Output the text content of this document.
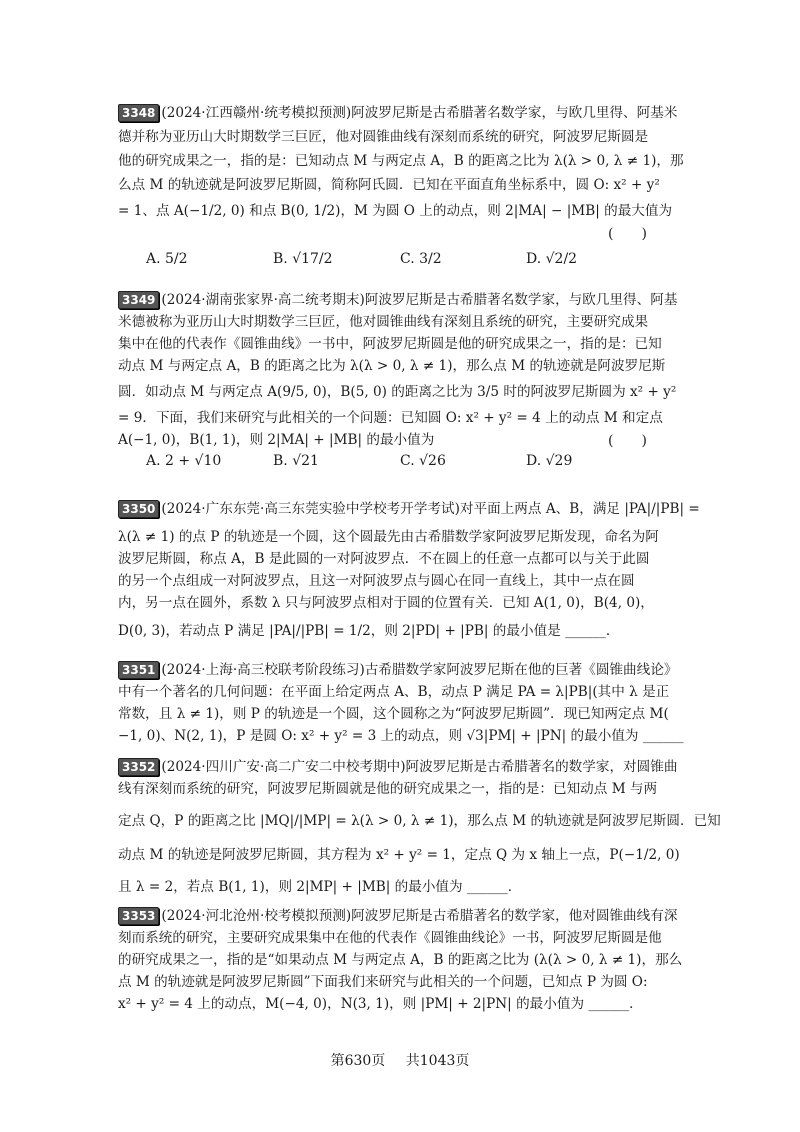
3348 (2024·江西赣州·统考模拟预测)阿波罗尼斯是古希腊著名数学家，与欧几里得、阿基米
德并称为亚历山大时期数学三巨匠，他对圆锥曲线有深刻而系统的研究，阿波罗尼斯圆是
他的研究成果之一，指的是：已知动点 M 与两定点 A，B 的距离之比为 λ(λ > 0, λ ≠ 1)，那
么点 M 的轨迹就是阿波罗尼斯圆，简称阿氏圆．已知在平面直角坐标系中，圆 O: x² + y²
= 1、点 A(−1/2, 0) 和点 B(0, 1/2)，M 为圆 O 上的动点，则 2|MA| − |MB| 的最大值为
(　　)
A. 5/2	B. √17/2	C. 3/2	D. √2/2
3349 (2024·湖南张家界·高二统考期末)阿波罗尼斯是古希腊著名数学家，与欧几里得、阿基
米德被称为亚历山大时期数学三巨匠，他对圆锥曲线有深刻且系统的研究，主要研究成果
集中在他的代表作《圆锥曲线》一书中，阿波罗尼斯圆是他的研究成果之一，指的是：已知
动点 M 与两定点 A，B 的距离之比为 λ(λ > 0, λ ≠ 1)，那么点 M 的轨迹就是阿波罗尼斯
圆．如动点 M 与两定点 A(9/5, 0)，B(5, 0) 的距离之比为 3/5 时的阿波罗尼斯圆为 x² + y²
= 9．下面，我们来研究与此相关的一个问题：已知圆 O: x² + y² = 4 上的动点 M 和定点
A(−1, 0)，B(1, 1)，则 2|MA| + |MB| 的最小值为	(　　)
A. 2 + √10	B. √21	C. √26	D. √29
3350 (2024·广东东莞·高三东莞实验中学校考开学考试)对平面上两点 A、B，满足 |PA|/|PB| =
λ(λ ≠ 1) 的点 P 的轨迹是一个圆，这个圆最先由古希腊数学家阿波罗尼斯发现，命名为阿
波罗尼斯圆，称点 A，B 是此圆的一对阿波罗点．不在圆上的任意一点都可以与关于此圆
的另一个点组成一对阿波罗点，且这一对阿波罗点与圆心在同一直线上，其中一点在圆
内，另一点在圆外，系数 λ 只与阿波罗点相对于圆的位置有关．已知 A(1, 0)，B(4, 0)，
D(0, 3)，若动点 P 满足 |PA|/|PB| = 1/2，则 2|PD| + |PB| 的最小值是 ______．
3351 (2024·上海·高三校联考阶段练习)古希腊数学家阿波罗尼斯在他的巨著《圆锥曲线论》
中有一个著名的几何问题：在平面上给定两点 A、B，动点 P 满足 PA = λ|PB|(其中 λ 是正
常数，且 λ ≠ 1)，则 P 的轨迹是一个圆，这个圆称之为“阿波罗尼斯圆”．现已知两定点 M(
−1, 0)、N(2, 1)，P 是圆 O: x² + y² = 3 上的动点，则 √3|PM| + |PN| 的最小值为 ______
3352 (2024·四川广安·高二广安二中校考期中)阿波罗尼斯是古希腊著名的数学家，对圆锥曲
线有深刻而系统的研究，阿波罗尼斯圆就是他的研究成果之一，指的是：已知动点 M 与两
定点 Q，P 的距离之比 |MQ|/|MP| = λ(λ > 0, λ ≠ 1)，那么点 M 的轨迹就是阿波罗尼斯圆．已知
动点 M 的轨迹是阿波罗尼斯圆，其方程为 x² + y² = 1，定点 Q 为 x 轴上一点，P(−1/2, 0)
且 λ = 2，若点 B(1, 1)，则 2|MP| + |MB| 的最小值为 ______．
3353 (2024·河北沧州·校考模拟预测)阿波罗尼斯是古希腊著名的数学家，他对圆锥曲线有深
刻而系统的研究，主要研究成果集中在他的代表作《圆锥曲线论》一书，阿波罗尼斯圆是他
的研究成果之一，指的是“如果动点 M 与两定点 A，B 的距离之比为 (λ(λ > 0, λ ≠ 1)，那么
点 M 的轨迹就是阿波罗尼斯圆”下面我们来研究与此相关的一个问题，已知点 P 为圆 O:
x² + y² = 4 上的动点，M(−4, 0)，N(3, 1)，则 |PM| + 2|PN| 的最小值为 ______．
第630页 共1043页
